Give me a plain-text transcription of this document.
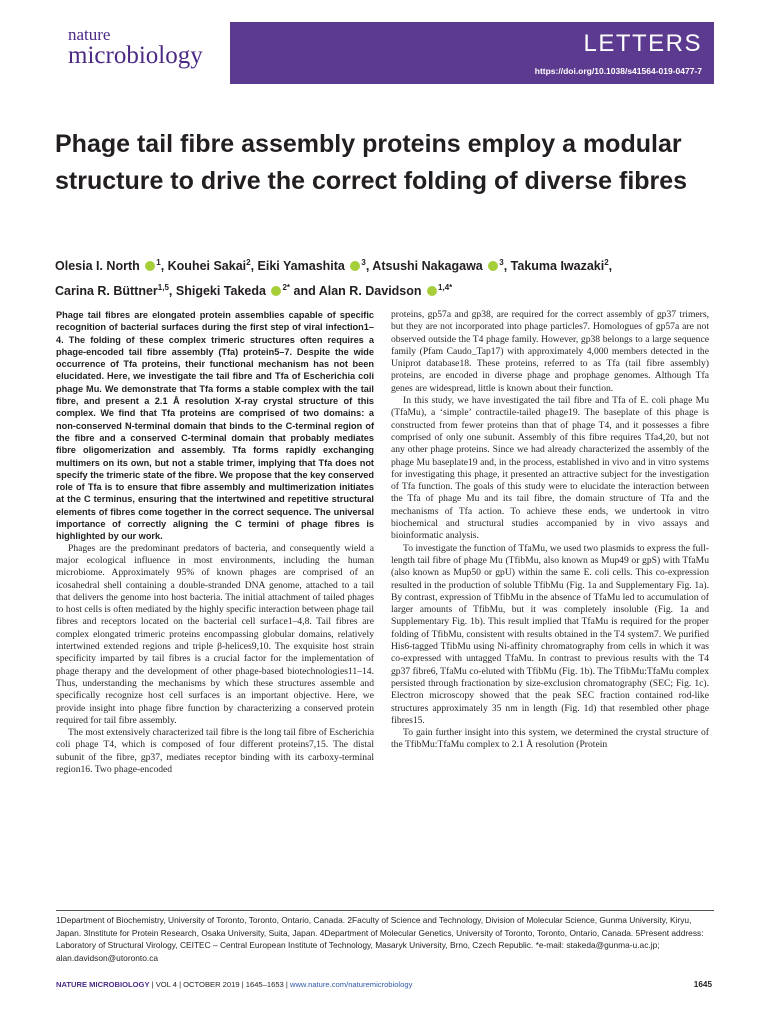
nature
microbiology	LETTERS
https://doi.org/10.1038/s41564-019-0477-7
Phage tail fibre assembly proteins employ a modular structure to drive the correct folding of diverse fibres
Olesia I. North $^1$, Kouhei Sakai$^2$, Eiki Yamashita $^3$, Atsushi Nakagawa $^3$, Takuma Iwazaki$^2$,
Carina R. Büttner$^{1,5}$, Shigeki Takeda $^{2*}$ and Alan R. Davidson $^{1,4*}$

Phage tail fibres are elongated protein assemblies capable of specific recognition of bacterial surfaces during the first step of viral infection1–4. The folding of these complex trimeric structures often requires a phage-encoded tail fibre assembly (Tfa) protein5–7. Despite the wide occurrence of Tfa proteins, their functional mechanism has not been elucidated. Here, we investigate the tail fibre and Tfa of Escherichia coli phage Mu. We demonstrate that Tfa forms a stable complex with the tail fibre, and present a 2.1 Å resolution X-ray crystal structure of this complex. We find that Tfa proteins are comprised of two domains: a non-conserved N-terminal domain that binds to the C-terminal region of the fibre and a conserved C-terminal domain that probably mediates fibre oligomerization and assembly. Tfa forms rapidly exchanging multimers on its own, but not a stable trimer, implying that Tfa does not specify the trimeric state of the fibre. We propose that the key conserved role of Tfa is to ensure that fibre assembly and multimerization initiates at the C terminus, ensuring that the intertwined and repetitive structural elements of fibres come together in the correct sequence. The universal importance of correctly aligning the C termini of phage fibres is highlighted by our work.

Phages are the predominant predators of bacteria, and consequently wield a major ecological influence in most environments, including the human microbiome. Approximately 95% of known phages are comprised of an icosahedral shell containing a double-stranded DNA genome, attached to a tail that delivers the genome into host bacteria. The initial attachment of tailed phages to host cells is often mediated by the highly specific interaction between phage tail fibres and receptors located on the bacterial cell surface1–4,8. Tail fibres are complex elongated trimeric proteins encompassing globular domains, relatively intertwined extended regions and triple β-helices9,10. The exquisite host strain specificity imparted by tail fibres is a crucial factor for the implementation of phage therapy and the development of other phage-based biotechnologies11–14. Thus, understanding the mechanisms by which these structures assemble and specifically recognize host cell surfaces is an important objective. Here, we provide insight into phage fibre function by characterizing a conserved protein required for tail fibre assembly.

The most extensively characterized tail fibre is the long tail fibre of Escherichia coli phage T4, which is composed of four different proteins7,15. The distal subunit of the fibre, gp37, mediates receptor binding with its carboxy-terminal region16. Two phage-encoded

proteins, gp57a and gp38, are required for the correct assembly of gp37 trimers, but they are not incorporated into phage particles7. Homologues of gp57a are not observed outside the T4 phage family. However, gp38 belongs to a large sequence family (Pfam Caudo_Tap17) with approximately 4,000 members detected in the Uniprot database18. These proteins, referred to as Tfa (tail fibre assembly) proteins, are encoded in diverse phage and prophage genomes. Although Tfa genes are widespread, little is known about their function.

In this study, we have investigated the tail fibre and Tfa of E. coli phage Mu (TfaMu), a ‘simple’ contractile-tailed phage19. The baseplate of this phage is constructed from fewer proteins than that of phage T4, and it possesses a fibre comprised of only one subunit. Assembly of this fibre requires Tfa4,20, but not any other phage proteins. Since we had already characterized the assembly of the phage Mu baseplate19 and, in the process, established in vivo and in vitro systems for investigating this phage, it presented an attractive subject for the investigation of Tfa function. The goals of this study were to elucidate the interaction between the Tfa of phage Mu and its tail fibre, the domain structure of Tfa and the mechanisms of Tfa action. To achieve these ends, we undertook in vitro biochemical and structural studies accompanied by in vivo assays and bioinformatic analysis.

To investigate the function of TfaMu, we used two plasmids to express the full-length tail fibre of phage Mu (TfibMu, also known as Mup49 or gpS) with TfaMu (also known as Mup50 or gpU) within the same E. coli cells. This co-expression resulted in the production of soluble TfibMu (Fig. 1a and Supplementary Fig. 1a). By contrast, expression of TfibMu in the absence of TfaMu led to accumulation of larger amounts of TfibMu, but it was completely insoluble (Fig. 1a and Supplementary Fig. 1b). This result implied that TfaMu is required for the proper folding of TfibMu, consistent with results obtained in the T4 system7. We purified His6-tagged TfibMu using Ni-affinity chromatography from cells in which it was co-expressed with untagged TfaMu. In contrast to previous results with the T4 gp37 fibre6, TfaMu co-eluted with TfibMu (Fig. 1b). The TfibMu:TfaMu complex persisted through fractionation by size-exclusion chromatography (SEC; Fig. 1c). Electron microscopy showed that the peak SEC fraction contained rod-like structures approximately 35 nm in length (Fig. 1d) that resembled other phage fibres15.

To gain further insight into this system, we determined the crystal structure of the TfibMu:TfaMu complex to 2.1 Å resolution (Protein

1Department of Biochemistry, University of Toronto, Toronto, Ontario, Canada. 2Faculty of Science and Technology, Division of Molecular Science, Gunma University, Kiryu, Japan. 3Institute for Protein Research, Osaka University, Suita, Japan. 4Department of Molecular Genetics, University of Toronto, Toronto, Ontario, Canada. 5Present address: Laboratory of Structural Virology, CEITEC – Central European Institute of Technology, Masaryk University, Brno, Czech Republic. *e-mail: stakeda@gunma-u.ac.jp; alan.davidson@utoronto.ca
NATURE MICROBIOLOGY | VOL 4 | OCTOBER 2019 | 1645–1653 | www.nature.com/naturemicrobiology	1645
